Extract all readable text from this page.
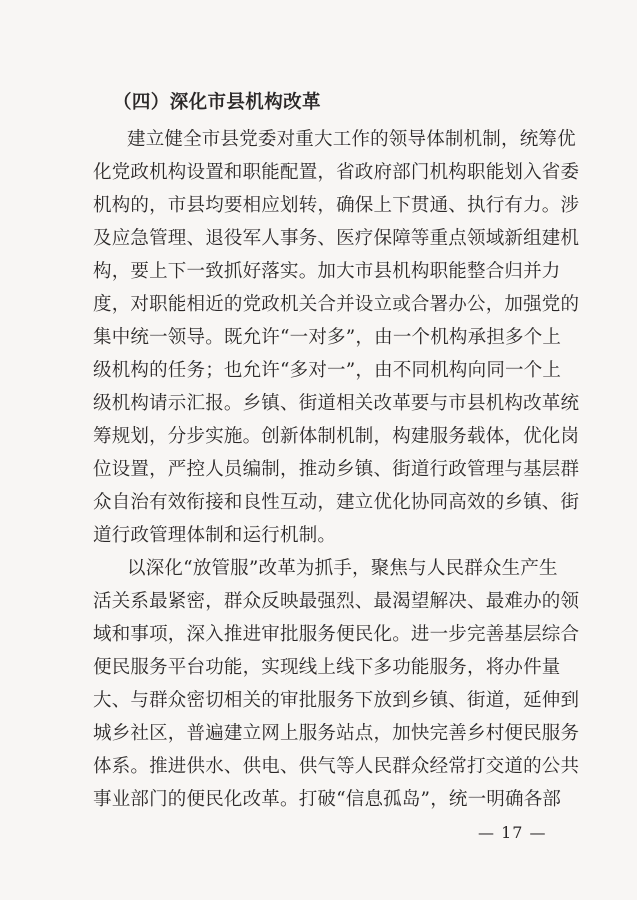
（四）深化市县机构改革
建立健全市县党委对重大工作的领导体制机制，统筹优
化党政机构设置和职能配置，省政府部门机构职能划入省委
机构的，市县均要相应划转，确保上下贯通、执行有力。涉
及应急管理、退役军人事务、医疗保障等重点领域新组建机
构，要上下一致抓好落实。加大市县机构职能整合归并力
度，对职能相近的党政机关合并设立或合署办公，加强党的
集中统一领导。既允许“一对多”，由一个机构承担多个上
级机构的任务；也允许“多对一”，由不同机构向同一个上
级机构请示汇报。乡镇、街道相关改革要与市县机构改革统
筹规划，分步实施。创新体制机制，构建服务载体，优化岗
位设置，严控人员编制，推动乡镇、街道行政管理与基层群
众自治有效衔接和良性互动，建立优化协同高效的乡镇、街
道行政管理体制和运行机制。
以深化“放管服”改革为抓手，聚焦与人民群众生产生
活关系最紧密，群众反映最强烈、最渴望解决、最难办的领
域和事项，深入推进审批服务便民化。进一步完善基层综合
便民服务平台功能，实现线上线下多功能服务，将办件量
大、与群众密切相关的审批服务下放到乡镇、街道，延伸到
城乡社区，普遍建立网上服务站点，加快完善乡村便民服务
体系。推进供水、供电、供气等人民群众经常打交道的公共
事业部门的便民化改革。打破“信息孤岛”，统一明确各部
— 17 —
